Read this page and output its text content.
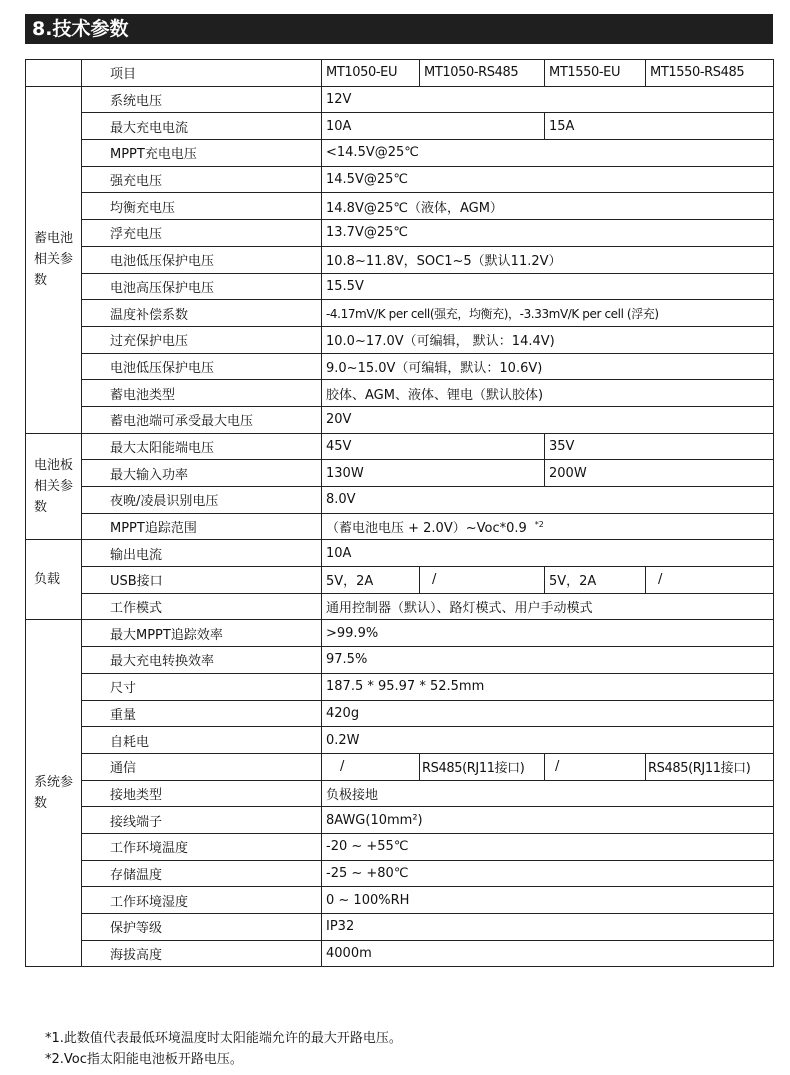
8.技术参数
	项目	MT1050-EU	MT1050-RS485	MT1550-EU	MT1550-RS485
蓄电池相关参数	系统电压	12V			
	最大充电电流	10A		15A	
	MPPT充电电压	<14.5V@25℃			
	强充电压	14.5V@25℃			
	均衡充电压	14.8V@25℃（液体，AGM）			
	浮充电压	13.7V@25℃			
	电池低压保护电压	10.8~11.8V，SOC1~5（默认11.2V）			
	电池高压保护电压	15.5V			
	温度补偿系数	-4.17mV/K per cell(强充，均衡充)，-3.33mV/K per cell (浮充)			
	过充保护电压	10.0~17.0V（可编辑， 默认：14.4V)			
	电池低压保护电压	9.0~15.0V（可编辑，默认：10.6V)			
	蓄电池类型	胶体、AGM、液体、锂电（默认胶体)			
	蓄电池端可承受最大电压	20V			
电池板相关参数	最大太阳能端电压	45V		35V	
	最大输入功率	130W		200W	
	夜晚/凌晨识别电压	8.0V			
	MPPT追踪范围	（蓄电池电压 + 2.0V）~Voc*0.9 $^{*2}$
负载	输出电流	10A			
	USB接口	5V，2A	/	5V，2A	/
	工作模式	通用控制器（默认）、路灯模式、用户手动模式			
系统参数	最大MPPT追踪效率	>99.9%			
	最大充电转换效率	97.5%			
	尺寸	187.5 * 95.97 * 52.5mm			
	重量	420g			
	自耗电	0.2W			
	通信	/	RS485(RJ11接口)	/	RS485(RJ11接口)
	接地类型	负极接地			
	接线端子	8AWG(10mm²)			
	工作环境温度	-20 ~ +55℃			
	存储温度	-25 ~ +80℃			
	工作环境湿度	0 ~ 100%RH			
	保护等级	IP32			
	海拔高度	4000m			
*1.此数值代表最低环境温度时太阳能端允许的最大开路电压。
*2.Voc指太阳能电池板开路电压。
